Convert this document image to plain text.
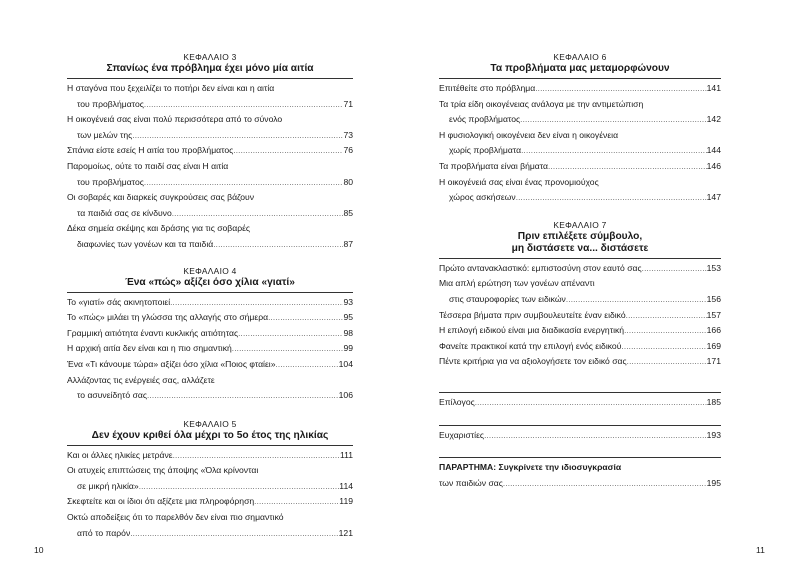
ΚΕΦΑΛΑΙΟ 3
Σπανίως ένα πρόβλημα έχει μόνο μία αιτία
Η σταγόνα που ξεχειλίζει το ποτήρι δεν είναι και η αιτία
του προβλήματος .....	71
Η οικογένειά σας είναι πολύ περισσότερα από το σύνολο
των μελών της .....	73
Σπάνια είστε εσείς Η αιτία του προβλήματος .....	76
Παρομοίως, ούτε το παιδί σας είναι Η αιτία
του προβλήματος .....	80
Οι σοβαρές και διαρκείς συγκρούσεις σας βάζουν
τα παιδιά σας σε κίνδυνο .....	85
Δέκα σημεία σκέψης και δράσης για τις σοβαρές
διαφωνίες των γονέων και τα παιδιά .....	87
ΚΕΦΑΛΑΙΟ 4
Ένα «πώς» αξίζει όσο χίλια «γιατί»
Το «γιατί» σάς ακινητοποιεί .....	93
Το «πώς» μιλάει τη γλώσσα της αλλαγής στο σήμερα .....	95
Γραμμική αιτιότητα έναντι κυκλικής αιτιότητας .....	98
Η αρχική αιτία δεν είναι και η πιο σημαντική .....	99
Ένα «Τι κάνουμε τώρα» αξίζει όσο χίλια «Ποιος φταίει» .....	104
Αλλάζοντας τις ενέργειές σας, αλλάζετε
το ασυνείδητό σας .....	106
ΚΕΦΑΛΑΙΟ 5
Δεν έχουν κριθεί όλα μέχρι το 5ο έτος της ηλικίας
Και οι άλλες ηλικίες μετράνε .....	111
Οι ατυχείς επιπτώσεις της άποψης «Όλα κρίνονται
σε μικρή ηλικία» .....	114
Σκεφτείτε και οι ίδιοι ότι αξίζετε μια πληροφόρηση .....	119
Οκτώ αποδείξεις ότι το παρελθόν δεν είναι πιο σημαντικό
από το παρόν .....	121
10
ΚΕΦΑΛΑΙΟ 6
Τα προβλήματα μας μεταμορφώνουν
Επιτέθείτε στο πρόβλημα .....	141
Τα τρία είδη οικογένειας ανάλογα με την αντιμετώπιση
ενός προβλήματος .....	142
Η φυσιολογική οικογένεια δεν είναι η οικογένεια
χωρίς προβλήματα .....	144
Τα προβλήματα είναι βήματα .....	146
Η οικογένειά σας είναι ένας προνομιούχος
χώρος ασκήσεων .....	147
ΚΕΦΑΛΑΙΟ 7
Πριν επιλέξετε σύμβουλο,
μη διστάσετε να... διστάσετε
Πρώτο αντανακλαστικό: εμπιστοσύνη στον εαυτό σας .....	153
Μια απλή ερώτηση των γονέων απέναντι
στις σταυροφορίες των ειδικών .....	156
Τέσσερα βήματα πριν συμβουλευτείτε έναν ειδικό .....	157
Η επιλογή ειδικού είναι μια διαδικασία ενεργητική .....	166
Φανείτε πρακτικοί κατά την επιλογή ενός ειδικού .....	169
Πέντε κριτήρια για να αξιολογήσετε τον ειδικό σας .....	171
Επίλογος .....	185
Ευχαριστίες .....	193
ΠΑΡΑΡΤΗΜΑ: Συγκρίνετε την ιδιοσυγκρασία
των παιδιών σας .....	195
11
